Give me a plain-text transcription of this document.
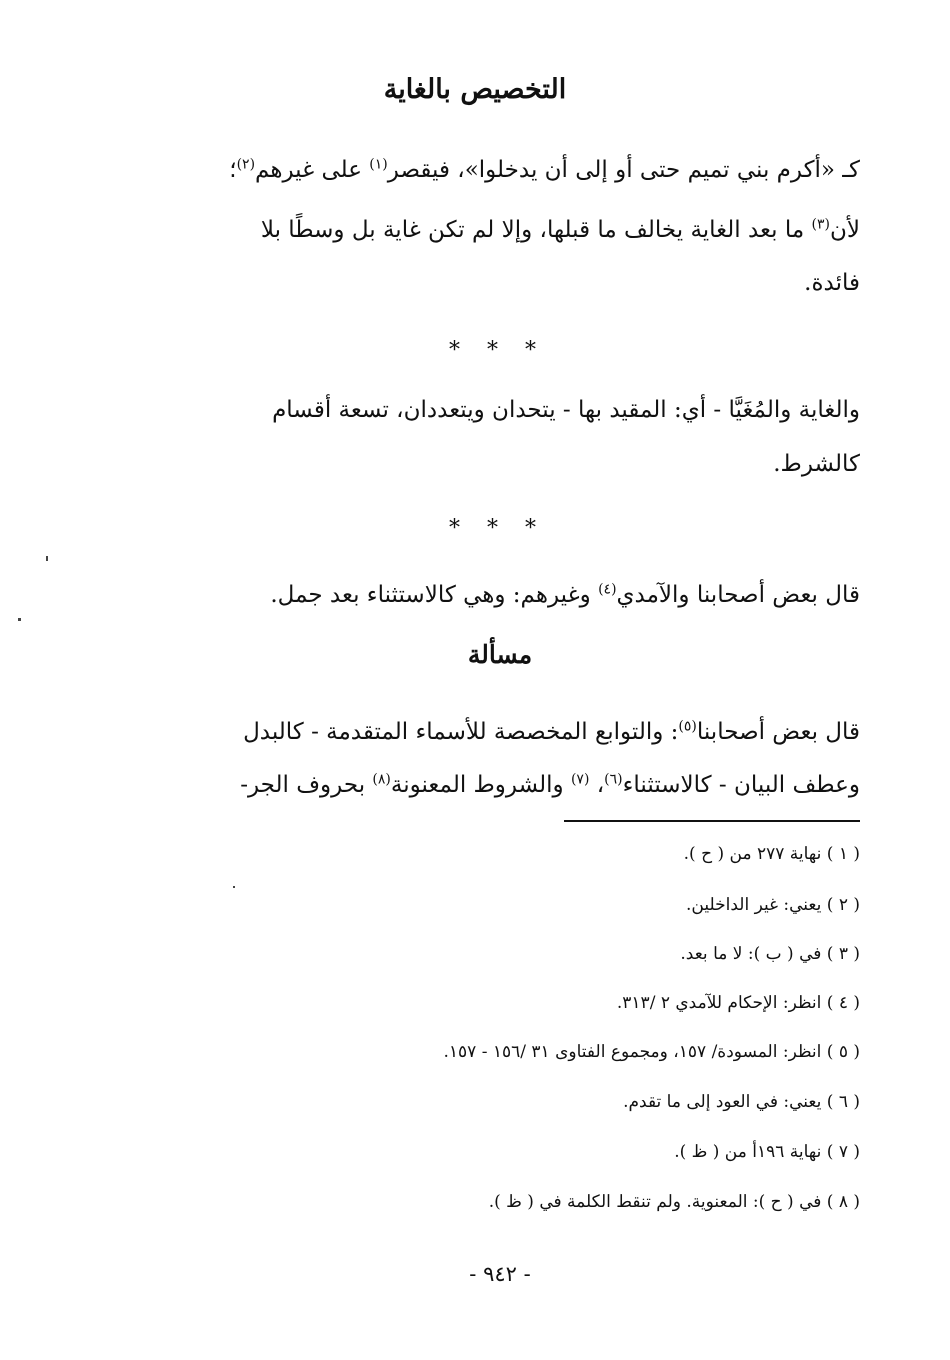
التخصيص بالغاية
كـ «أكرم بني تميم حتى أو إلى أن يدخلوا»، فيقصر$^{(١)}$ على غيرهم$^{(٢)}$؛
لأن$^{(٣)}$ ما بعد الغاية يخالف ما قبلها، وإلا لم تكن غاية بل وسطًا بلا
فائدة.
* * *
والغاية والمُغَيَّا - أي: المقيد بها - يتحدان ويتعددان، تسعة أقسام
كالشرط.
* * *
قال بعض أصحابنا والآمدي$^{(٤)}$ وغيرهم: وهي كالاستثناء بعد جمل.
مسألة
قال بعض أصحابنا$^{(٥)}$: والتوابع المخصصة للأسماء المتقدمة - كالبدل
وعطف البيان - كالاستثناء$^{(٦)}$، $^{(٧)}$ والشروط المعنونة$^{(٨)}$ بحروف الجر-
( ١ ) نهاية ٢٧٧ من ( ح ).
( ٢ ) يعني: غير الداخلين.
( ٣ ) في ( ب ): لا ما بعد.
( ٤ ) انظر: الإحكام للآمدي ٢ /٣١٣.
( ٥ ) انظر: المسودة/ ١٥٧، ومجموع الفتاوى ٣١ /١٥٦ - ١٥٧.
( ٦ ) يعني: في العود إلى ما تقدم.
( ٧ ) نهاية ١٩٦أ من ( ظ ).
( ٨ ) في ( ح ): المعنوية. ولم تنقط الكلمة في ( ظ ).
- ٩٤٢ -
